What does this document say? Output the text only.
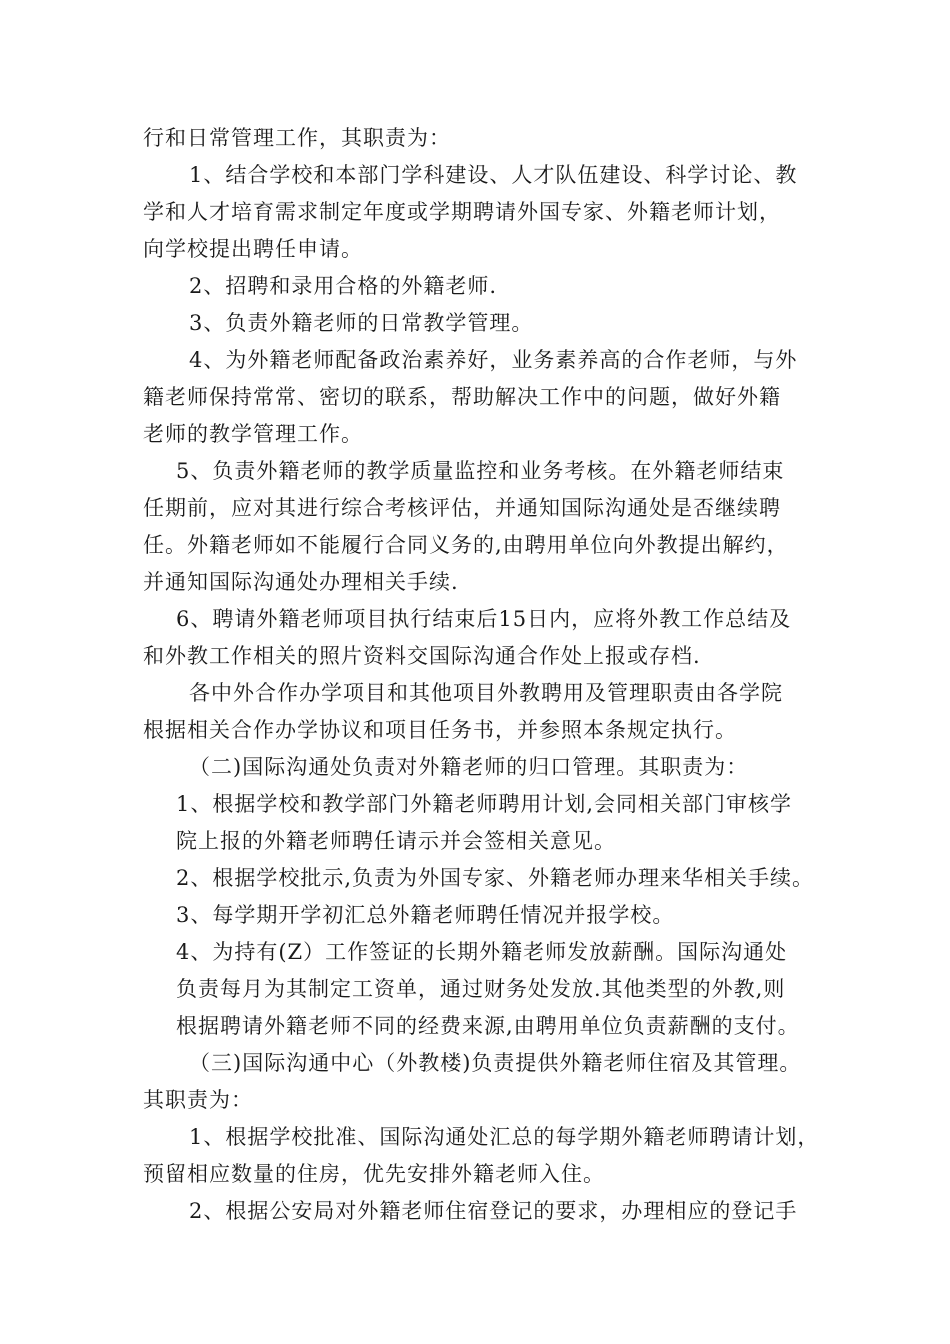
行和日常管理工作，其职责为：
1、结合学校和本部门学科建设、人才队伍建设、科学讨论、教
学和人才培育需求制定年度或学期聘请外国专家、外籍老师计划，
向学校提出聘任申请。
2、招聘和录用合格的外籍老师.
3、负责外籍老师的日常教学管理。
4、为外籍老师配备政治素养好，业务素养高的合作老师，与外
籍老师保持常常、密切的联系，帮助解决工作中的问题，做好外籍
老师的教学管理工作。
5、负责外籍老师的教学质量监控和业务考核。在外籍老师结束
任期前，应对其进行综合考核评估，并通知国际沟通处是否继续聘
任。外籍老师如不能履行合同义务的,由聘用单位向外教提出解约，
并通知国际沟通处办理相关手续.
6、聘请外籍老师项目执行结束后15日内，应将外教工作总结及
和外教工作相关的照片资料交国际沟通合作处上报或存档.
各中外合作办学项目和其他项目外教聘用及管理职责由各学院
根据相关合作办学协议和项目任务书，并参照本条规定执行。
（二)国际沟通处负责对外籍老师的归口管理。其职责为：
1、根据学校和教学部门外籍老师聘用计划,会同相关部门审核学
院上报的外籍老师聘任请示并会签相关意见。
2、根据学校批示,负责为外国专家、外籍老师办理来华相关手续。
3、每学期开学初汇总外籍老师聘任情况并报学校。
4、为持有(Z）工作签证的长期外籍老师发放薪酬。国际沟通处
负责每月为其制定工资单，通过财务处发放.其他类型的外教,则
根据聘请外籍老师不同的经费来源,由聘用单位负责薪酬的支付。
（三)国际沟通中心（外教楼)负责提供外籍老师住宿及其管理。
其职责为：
1、根据学校批准、国际沟通处汇总的每学期外籍老师聘请计划，
预留相应数量的住房，优先安排外籍老师入住。
2、根据公安局对外籍老师住宿登记的要求，办理相应的登记手
